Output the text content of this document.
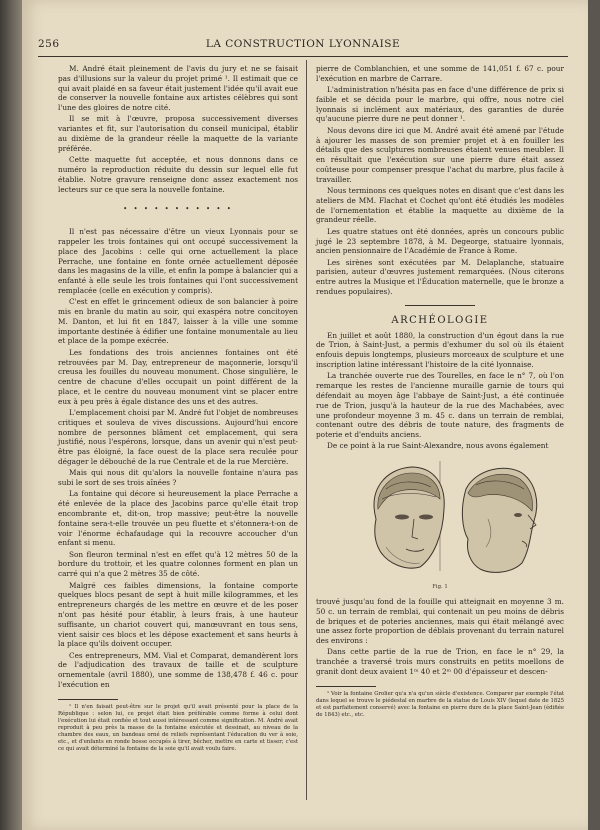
256	LA CONSTRUCTION LYONNAISE

M. André était pleinement de l'avis du jury et ne se faisait pas d'illusions sur la valeur du projet primé ¹. Il estimait que ce qui avait plaidé en sa faveur était justement l'idée qu'il avait eue de conserver la nouvelle fontaine aux artistes célèbres qui sont l'une des gloires de notre cité.

Il se mit à l'œuvre, proposa successivement diverses variantes et fit, sur l'autorisation du conseil municipal, établir au dixième de la grandeur réelle la maquette de la variante préférée.

Cette maquette fut acceptée, et nous donnons dans ce numéro la reproduction réduite du dessin sur lequel elle fut établie. Notre gravure renseigne donc assez exactement nos lecteurs sur ce que sera la nouvelle fontaine.

• • • • • • • • • • •

Il n'est pas nécessaire d'être un vieux Lyonnais pour se rappeler les trois fontaines qui ont occupé successivement la place des Jacobins : celle qui orne actuellement la place Perrache, une fontaine en fonte ornée actuellement déposée dans les magasins de la ville, et enfin la pompe à balancier qui a enfanté à elle seule les trois fontaines qui l'ont successivement remplacée (celle en exécution y compris).

C'est en effet le grincement odieux de son balancier à poire mis en branle du matin au soir, qui exaspéra notre concitoyen M. Danton, et lui fit en 1847, laisser à la ville une somme importante destinée à édifier une fontaine monumentale au lieu et place de la pompe exécrée.

Les fondations des trois anciennes fontaines ont été retrouvées par M. Day, entrepreneur de maçonnerie, lorsqu'il creusa les fouilles du nouveau monument. Chose singulière, le centre de chacune d'elles occupait un point différent de la place, et le centre du nouveau monument vint se placer entre eux à peu près à égale distance des uns et des autres.

L'emplacement choisi par M. André fut l'objet de nombreuses critiques et souleva de vives discussions. Aujourd'hui encore nombre de personnes blâment cet emplacement, qui sera justifié, nous l'espérons, lorsque, dans un avenir qui n'est peut-être pas éloigné, la face ouest de la place sera reculée pour dégager le débouché de la rue Centrale et de la rue Mercière.

Mais qui nous dit qu'alors la nouvelle fontaine n'aura pas subi le sort de ses trois aînées ?

La fontaine qui décore si heureusement la place Perrache a été enlevée de la place des Jacobins parce qu'elle était trop encombrante et, dit-on, trop massive; peut-être la nouvelle fontaine sera-t-elle trouvée un peu fluette et s'étonnera-t-on de voir l'énorme échafaudage qui la recouvre accoucher d'un enfant si menu.

Son fleuron terminal n'est en effet qu'à 12 mètres 50 de la bordure du trottoir, et les quatre colonnes forment en plan un carré qui n'a que 2 mètres 35 de côté.

Malgré ces faibles dimensions, la fontaine comporte quelques blocs pesant de sept à huit mille kilogrammes, et les entrepreneurs chargés de les mettre en œuvre et de les poser n'ont pas hésité pour établir, à leurs frais, à une hauteur suffisante, un chariot couvert qui, manœuvrant en tous sens, vient saisir ces blocs et les dépose exactement et sans heurts à la place qu'ils doivent occuper.

Ces entrepreneurs, MM. Vial et Comparat, demandèrent lors de l'adjudication des travaux de taille et de sculpture ornementale (avril 1880), une somme de 138,478 f. 46 c. pour l'exécution en

¹ Il n'en faisait peut-être sur le projet qu'il avait présenté pour la place de la République : selon lui, ce projet était bien préférable comme forme à celui dont l'exécution lui était confiée et tout aussi intéressant comme signification. M. André avait reproduit à peu près la masse de la fontaine exécutée et dessinait, au niveau de la chambre des eaux, un bandeau orné de reliefs représentant l'éducation du ver à soie, etc., et d'enfants en ronde bosse occupés à tirer, bêcher, mettre en carte et tisser; c'est ce qui avait déterminé la fontaine de la soie qu'il avait voulu faire.

pierre de Comblanchien, et une somme de 141,051 f. 67 c. pour l'exécution en marbre de Carrare.

L'administration n'hésita pas en face d'une différence de prix si faible et se décida pour le marbre, qui offre, nous notre ciel lyonnais si inclément aux matériaux, des garanties de durée qu'aucune pierre dure ne peut donner ¹.

Nous devons dire ici que M. André avait été amené par l'étude à ajourer les masses de son premier projet et à en fouiller les détails que des sculptures nombreuses étaient venues meubler. Il en résultait que l'exécution sur une pierre dure était assez coûteuse pour compenser presque l'achat du marbre, plus facile à travailler.

Nous terminons ces quelques notes en disant que c'est dans les ateliers de MM. Flachat et Cochet qu'ont été étudiés les modèles de l'ornementation et établie la maquette au dixième de la grandeur réelle.

Les quatre statues ont été données, après un concours public jugé le 23 septembre 1878, à M. Degeorge, statuaire lyonnais, ancien pensionnaire de l'Académie de France à Rome.

Les sirènes sont exécutées par M. Delaplanche, statuaire parisien, auteur d'œuvres justement remarquées. (Nous citerons entre autres la Musique et l'Éducation maternelle, que le bronze a rendues populaires).

ARCHÉOLOGIE

En juillet et août 1880, la construction d'un égout dans la rue de Trion, à Saint-Just, a permis d'exhumer du sol où ils étaient enfouis depuis longtemps, plusieurs morceaux de sculpture et une inscription latine intéressant l'histoire de la cité lyonnaise.

La tranchée ouverte rue des Tourelles, en face le n° 7, où l'on remarque les restes de l'ancienne muraille garnie de tours qui défendait au moyen âge l'abbaye de Saint-Just, a été continuée rue de Trion, jusqu'à la hauteur de la rue des Machabées, avec une profondeur moyenne 3 m. 45 c. dans un terrain de remblai, contenant outre des débris de toute nature, des fragments de poterie et d'enduits anciens.

De ce point à la rue Saint-Alexandre, nous avons également

Fig. 1

trouvé jusqu'au fond de la fouille qui atteignait en moyenne 3 m. 50 c. un terrain de remblai, qui contenait un peu moins de débris de briques et de poteries anciennes, mais qui était mélangé avec une assez forte proportion de déblais provenant du terrain naturel des environs :

Dans cette partie de la rue de Trion, en face le n° 29, la tranchée a traversé trois murs construits en petits moellons de granit dont deux avaient 1ᵐ 40 et 2ᵐ 00 d'épaisseur et descen-

¹ Voir la fontaine Grolier qu'a n'a qu'un siècle d'existence. Comparer par exemple l'état dans lequel se trouve le piédestal en marbre de la statue de Louis XIV (lequel date de 1825 et est parfaitement conservé) avec la fontaine en pierre dure de la place Saint-Jean (édifiée de 1843) etc., etc.
